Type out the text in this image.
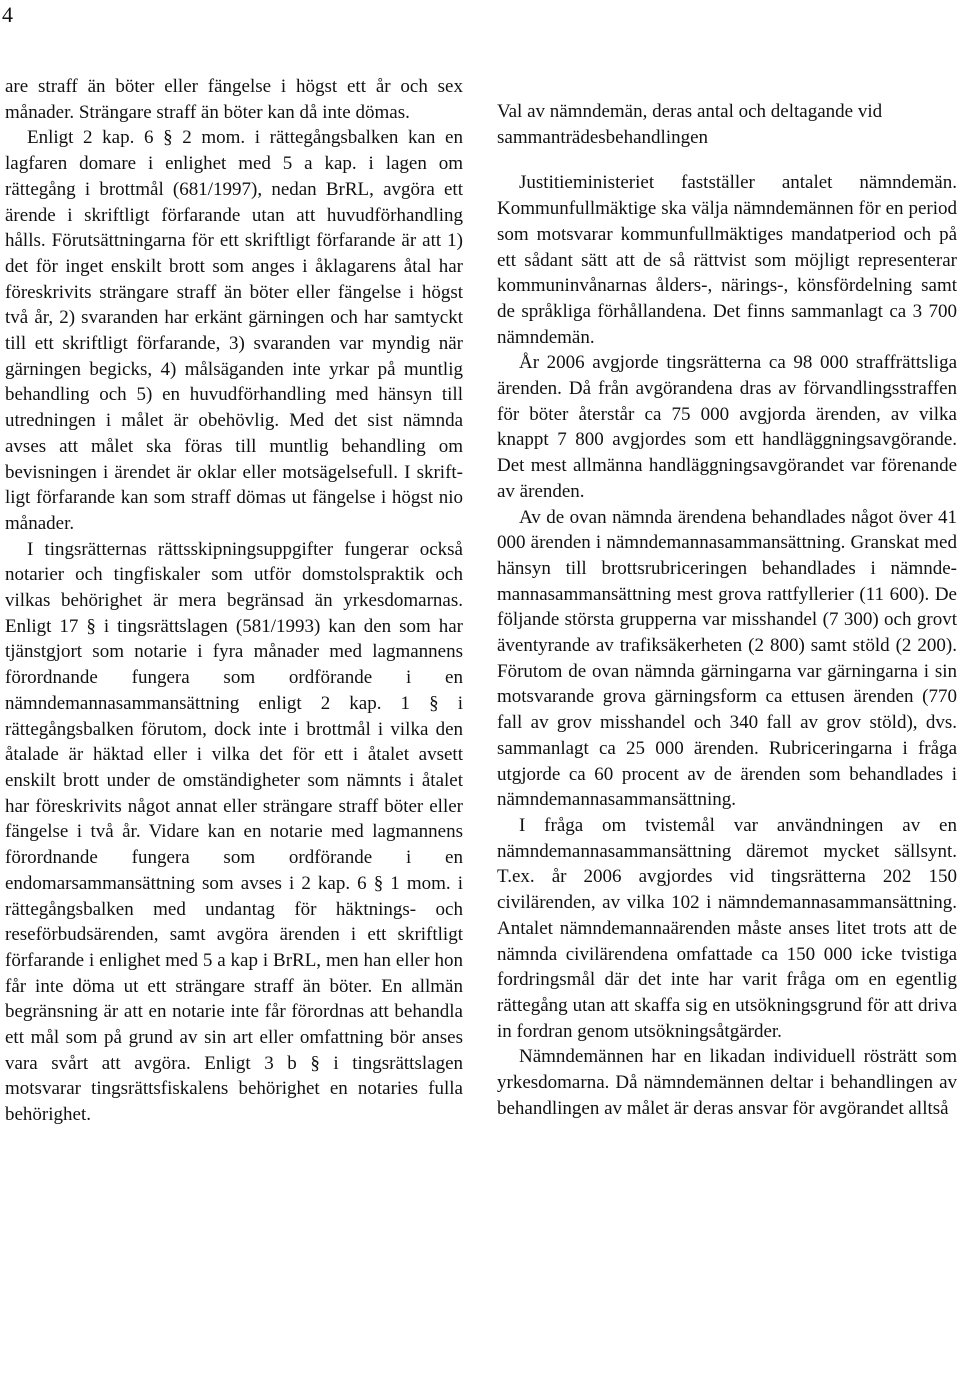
4

are straff än böter eller fängelse i högst ett år och sex månader. Strängare straff än böter kan då inte dömas.

Enligt 2 kap. 6 § 2 mom. i rättegångsbalken kan en lagfaren domare i enlighet med 5 a kap. i lagen om rättegång i brottmål (681/1997), nedan BrRL, avgöra ett ärende i skriftligt förfarande utan att huvudförhandling hålls. Förutsättningarna för ett skriftligt förfarande är att 1) det för inget enskilt brott som anges i åklagarens åtal har föreskrivits strängare straff än böter eller fängelse i högst två år, 2) svaranden har erkänt gärningen och har samtyckt till ett skriftligt förfarande, 3) svaranden var myndig när gärningen begicks, 4) målsäganden inte yrkar på muntlig behandling och 5) en huvudförhandling med hänsyn till utredningen i målet är obehövlig. Med det sist nämnda avses att målet ska föras till muntlig behandling om bevisningen i ärendet är oklar eller motsägelsefull. I skriftligt förfarande kan som straff dömas ut fängelse i högst nio månader.

I tingsrätternas rättsskipningsuppgifter fungerar också notarier och tingfiskaler som utför domstolspraktik och vilkas behörighet är mera begränsad än yrkesdomarnas. Enligt 17 § i tingsrättslagen (581/1993) kan den som har tjänstgjort som notarie i fyra månader med lagmannens förordnande fungera som ordförande i en nämndemannasammansättning enligt 2 kap. 1 § i rättegångsbalken förutom, dock inte i brottmål i vilka den åtalade är häktad eller i vilka det för ett i åtalet avsett enskilt brott under de omständigheter som nämnts i åtalet har föreskrivits något annat eller strängare straff böter eller fängelse i två år. Vidare kan en notarie med lagmannens förordnande fungera som ordförande i en endomarsammansättning som avses i 2 kap. 6 § 1 mom. i rättegångsbalken med undantag för häktnings- och reseförbudsärenden, samt avgöra ärenden i ett skriftligt förfarande i enlighet med 5 a kap i BrRL, men han eller hon får inte döma ut ett strängare straff än böter. En allmän begränsning är att en notarie inte får förordnas att behandla ett mål som på grund av sin art eller omfattning bör anses vara svårt att avgöra. Enligt 3 b § i tingsrättslagen motsvarar tingsrättsfiskalens behörighet en notaries fulla behörighet.

Val av nämndemän, deras antal och deltagande vid sammanträdesbehandlingen

Justitieministeriet fastställer antalet nämndemän. Kommunfullmäktige ska välja nämndemännen för en period som motsvarar kommunfullmäktiges mandatperiod och på ett sådant sätt att de så rättvist som möjligt representerar kommuninvånarnas ålders-, närings-, könsfördelning samt de språkliga förhållandena. Det finns sammanlagt ca 3 700 nämndemän.

År 2006 avgjorde tingsrätterna ca 98 000 straffrättsliga ärenden. Då från avgörandena dras av förvandlingsstraffen för böter återstår ca 75 000 avgjorda ärenden, av vilka knappt 7 800 avgjordes som ett handläggningsavgörande. Det mest allmänna handläggningsavgörandet var förenande av ärenden.

Av de ovan nämnda ärendena behandlades något över 41 000 ärenden i nämndemannasammansättning. Granskat med hänsyn till brottsrubriceringen behandlades i nämndemannasammansättning mest grova rattfyllerier (11 600). De följande största grupperna var misshandel (7 300) och grovt äventyrande av trafiksäkerheten (2 800) samt stöld (2 200). Förutom de ovan nämnda gärningarna var gärningarna i sin motsvarande grova gärningsform ca ettusen ärenden (770 fall av grov misshandel och 340 fall av grov stöld), dvs. sammanlagt ca 25 000 ärenden. Rubriceringarna i fråga utgjorde ca 60 procent av de ärenden som behandlades i nämndemannasammansättning.

I fråga om tvistemål var användningen av en nämndemannasammansättning däremot mycket sällsynt. T.ex. år 2006 avgjordes vid tingsrätterna 202 150 civilärenden, av vilka 102 i nämndemannasammansättning. Antalet nämndemannaärenden måste anses litet trots att de nämnda civilärendena omfattade ca 150 000 icke tvistiga fordringsmål där det inte har varit fråga om en egentlig rättegång utan att skaffa sig en utsökningsgrund för att driva in fordran genom utsökningsåtgärder.

Nämndemännen har en likadan individuell rösträtt som yrkesdomarna. Då nämndemännen deltar i behandlingen av behandlingen av målet är deras ansvar för avgörandet alltså
